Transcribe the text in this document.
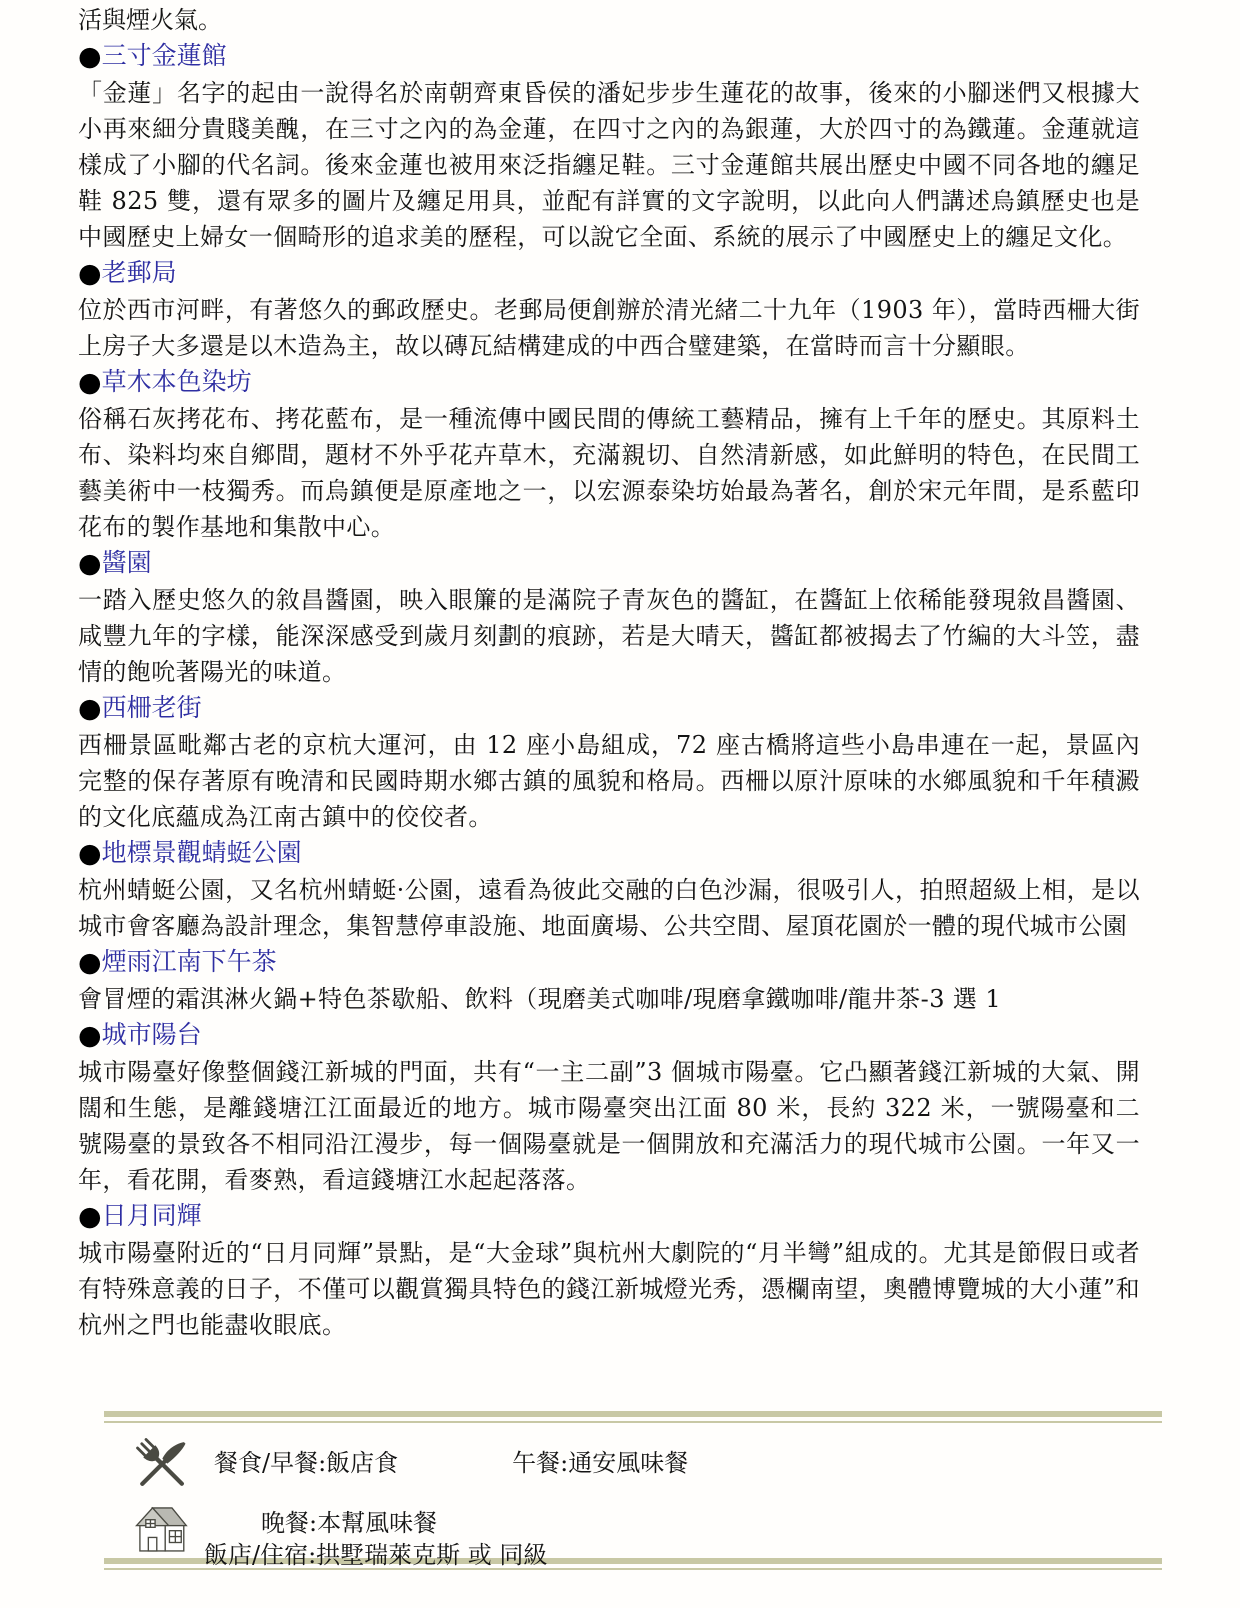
活與煙火氣。

●三寸金蓮館

「金蓮」名字的起由一說得名於南朝齊東昏侯的潘妃步步生蓮花的故事，後來的小腳迷們又根據大小再來細分貴賤美醜，在三寸之內的為金蓮，在四寸之內的為銀蓮，大於四寸的為鐵蓮。金蓮就這樣成了小腳的代名詞。後來金蓮也被用來泛指纏足鞋。三寸金蓮館共展出歷史中國不同各地的纏足鞋 825 雙，還有眾多的圖片及纏足用具，並配有詳實的文字說明，以此向人們講述烏鎮歷史也是中國歷史上婦女一個畸形的追求美的歷程，可以說它全面、系統的展示了中國歷史上的纏足文化。

●老郵局

位於西市河畔，有著悠久的郵政歷史。老郵局便創辦於清光緒二十九年（1903 年），當時西柵大街上房子大多還是以木造為主，故以磚瓦結構建成的中西合璧建築，在當時而言十分顯眼。

●草木本色染坊

俗稱石灰拷花布、拷花藍布，是一種流傳中國民間的傳統工藝精品，擁有上千年的歷史。其原料土布、染料均來自鄉間，題材不外乎花卉草木，充滿親切、自然清新感，如此鮮明的特色，在民間工藝美術中一枝獨秀。而烏鎮便是原產地之一，以宏源泰染坊始最為著名，創於宋元年間，是系藍印花布的製作基地和集散中心。

●醬園

一踏入歷史悠久的敘昌醬園，映入眼簾的是滿院子青灰色的醬缸，在醬缸上依稀能發現敘昌醬園、咸豐九年的字樣，能深深感受到歲月刻劃的痕跡，若是大晴天，醬缸都被揭去了竹編的大斗笠，盡情的飽吮著陽光的味道。

●西柵老街

西柵景區毗鄰古老的京杭大運河，由 12 座小島組成，72 座古橋將這些小島串連在一起，景區內完整的保存著原有晚清和民國時期水鄉古鎮的風貌和格局。西柵以原汁原味的水鄉風貌和千年積澱的文化底蘊成為江南古鎮中的佼佼者。

●地標景觀蜻蜓公園

杭州蜻蜓公園，又名杭州蜻蜓·公園，遠看為彼此交融的白色沙漏，很吸引人，拍照超級上相，是以城市會客廳為設計理念，集智慧停車設施、地面廣場、公共空間、屋頂花園於一體的現代城市公園

●煙雨江南下午茶

會冒煙的霜淇淋火鍋+特色茶歇船、飲料（現磨美式咖啡/現磨拿鐵咖啡/龍井茶-3 選 1

●城市陽台

城市陽臺好像整個錢江新城的門面，共有“一主二副”3 個城市陽臺。它凸顯著錢江新城的大氣、開闊和生態，是離錢塘江江面最近的地方。城市陽臺突出江面 80 米，長約 322 米，一號陽臺和二號陽臺的景致各不相同沿江漫步，每一個陽臺就是一個開放和充滿活力的現代城市公園。一年又一年，看花開，看麥熟，看這錢塘江水起起落落。

●日月同輝

城市陽臺附近的“日月同輝”景點，是“大金球”與杭州大劇院的“月半彎”組成的。尤其是節假日或者有特殊意義的日子，不僅可以觀賞獨具特色的錢江新城燈光秀，憑欄南望，奧體博覽城的大小蓮”和杭州之門也能盡收眼底。

餐食/早餐:飯店食	午餐:通安風味餐
晚餐:本幫風味餐
飯店/住宿:拱墅瑞萊克斯 或 同級
